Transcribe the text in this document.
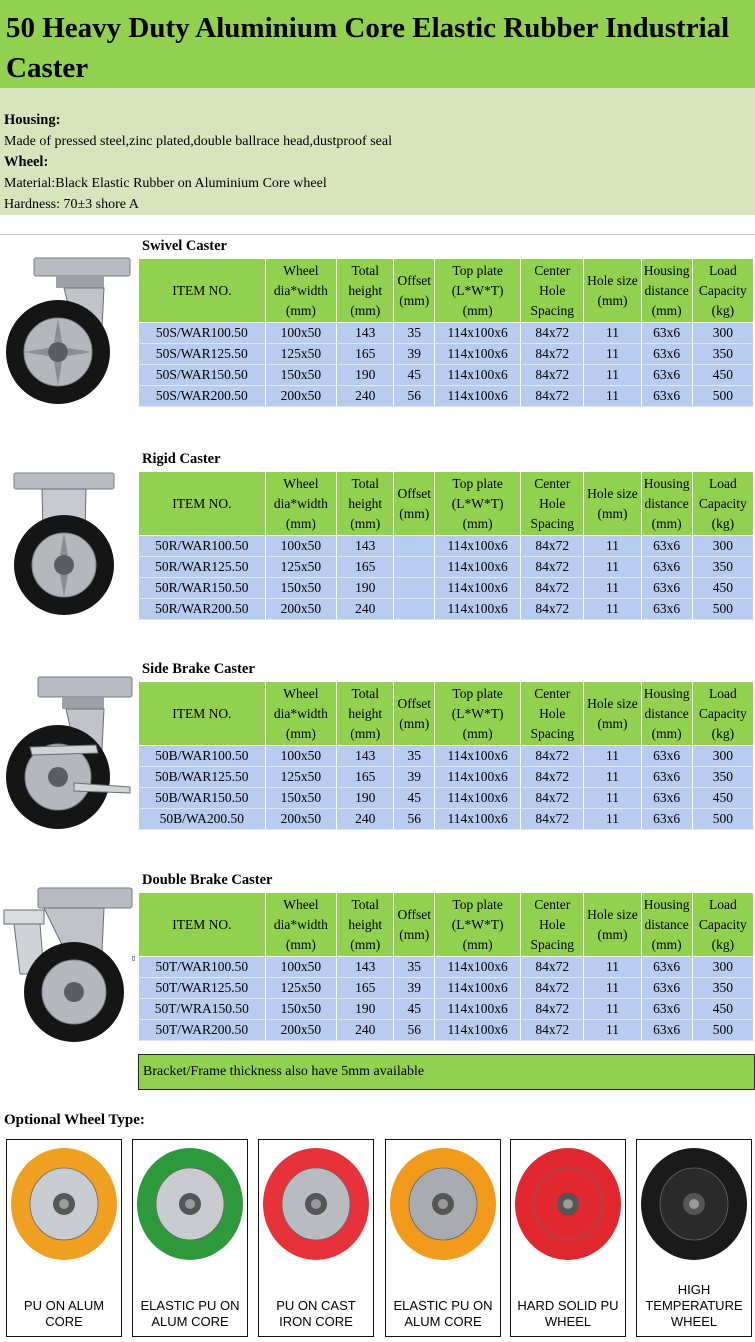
50 Heavy Duty Aluminium Core Elastic Rubber Industrial Caster
Housing:
Made of pressed steel,zinc plated,double ballrace head,dustproof seal
Wheel:
Material:Black Elastic Rubber on Aluminium Core wheel
Hardness: 70±3 shore A
Swivel Caster
ITEM NO.	Wheel dia*width (mm)	Total height (mm)	Offset (mm)	Top plate (L*W*T) (mm)	Center Hole Spacing	Hole size (mm)	Housing distance (mm)	Load Capacity (kg)
50S/WAR100.50	100x50	143	35	114x100x6	84x72	11	63x6	300
50S/WAR125.50	125x50	165	39	114x100x6	84x72	11	63x6	350
50S/WAR150.50	150x50	190	45	114x100x6	84x72	11	63x6	450
50S/WAR200.50	200x50	240	56	114x100x6	84x72	11	63x6	500
Rigid Caster
ITEM NO.	Wheel dia*width (mm)	Total height (mm)	Offset (mm)	Top plate (L*W*T) (mm)	Center Hole Spacing	Hole size (mm)	Housing distance (mm)	Load Capacity (kg)
50R/WAR100.50	100x50	143		114x100x6	84x72	11	63x6	300
50R/WAR125.50	125x50	165		114x100x6	84x72	11	63x6	350
50R/WAR150.50	150x50	190		114x100x6	84x72	11	63x6	450
50R/WAR200.50	200x50	240		114x100x6	84x72	11	63x6	500
Side Brake Caster
ITEM NO.	Wheel dia*width (mm)	Total height (mm)	Offset (mm)	Top plate (L*W*T) (mm)	Center Hole Spacing	Hole size (mm)	Housing distance (mm)	Load Capacity (kg)
50B/WAR100.50	100x50	143	35	114x100x6	84x72	11	63x6	300
50B/WAR125.50	125x50	165	39	114x100x6	84x72	11	63x6	350
50B/WAR150.50	150x50	190	45	114x100x6	84x72	11	63x6	450
50B/WA200.50	200x50	240	56	114x100x6	84x72	11	63x6	500
Double Brake Caster
ITEM NO.	Wheel dia*width (mm)	Total height (mm)	Offset (mm)	Top plate (L*W*T) (mm)	Center Hole Spacing	Hole size (mm)	Housing distance (mm)	Load Capacity (kg)
50T/WAR100.50	100x50	143	35	114x100x6	84x72	11	63x6	300
50T/WAR125.50	125x50	165	39	114x100x6	84x72	11	63x6	350
50T/WRA150.50	150x50	190	45	114x100x6	84x72	11	63x6	450
50T/WAR200.50	200x50	240	56	114x100x6	84x72	11	63x6	500
Bracket/Frame thickness also have 5mm available
Optional Wheel Type:
PU ON ALUM CORE
ELASTIC PU ON ALUM CORE
PU ON CAST IRON CORE
ELASTIC PU ON ALUM CORE
HARD SOLID PU WHEEL
HIGH TEMPERATURE WHEEL
